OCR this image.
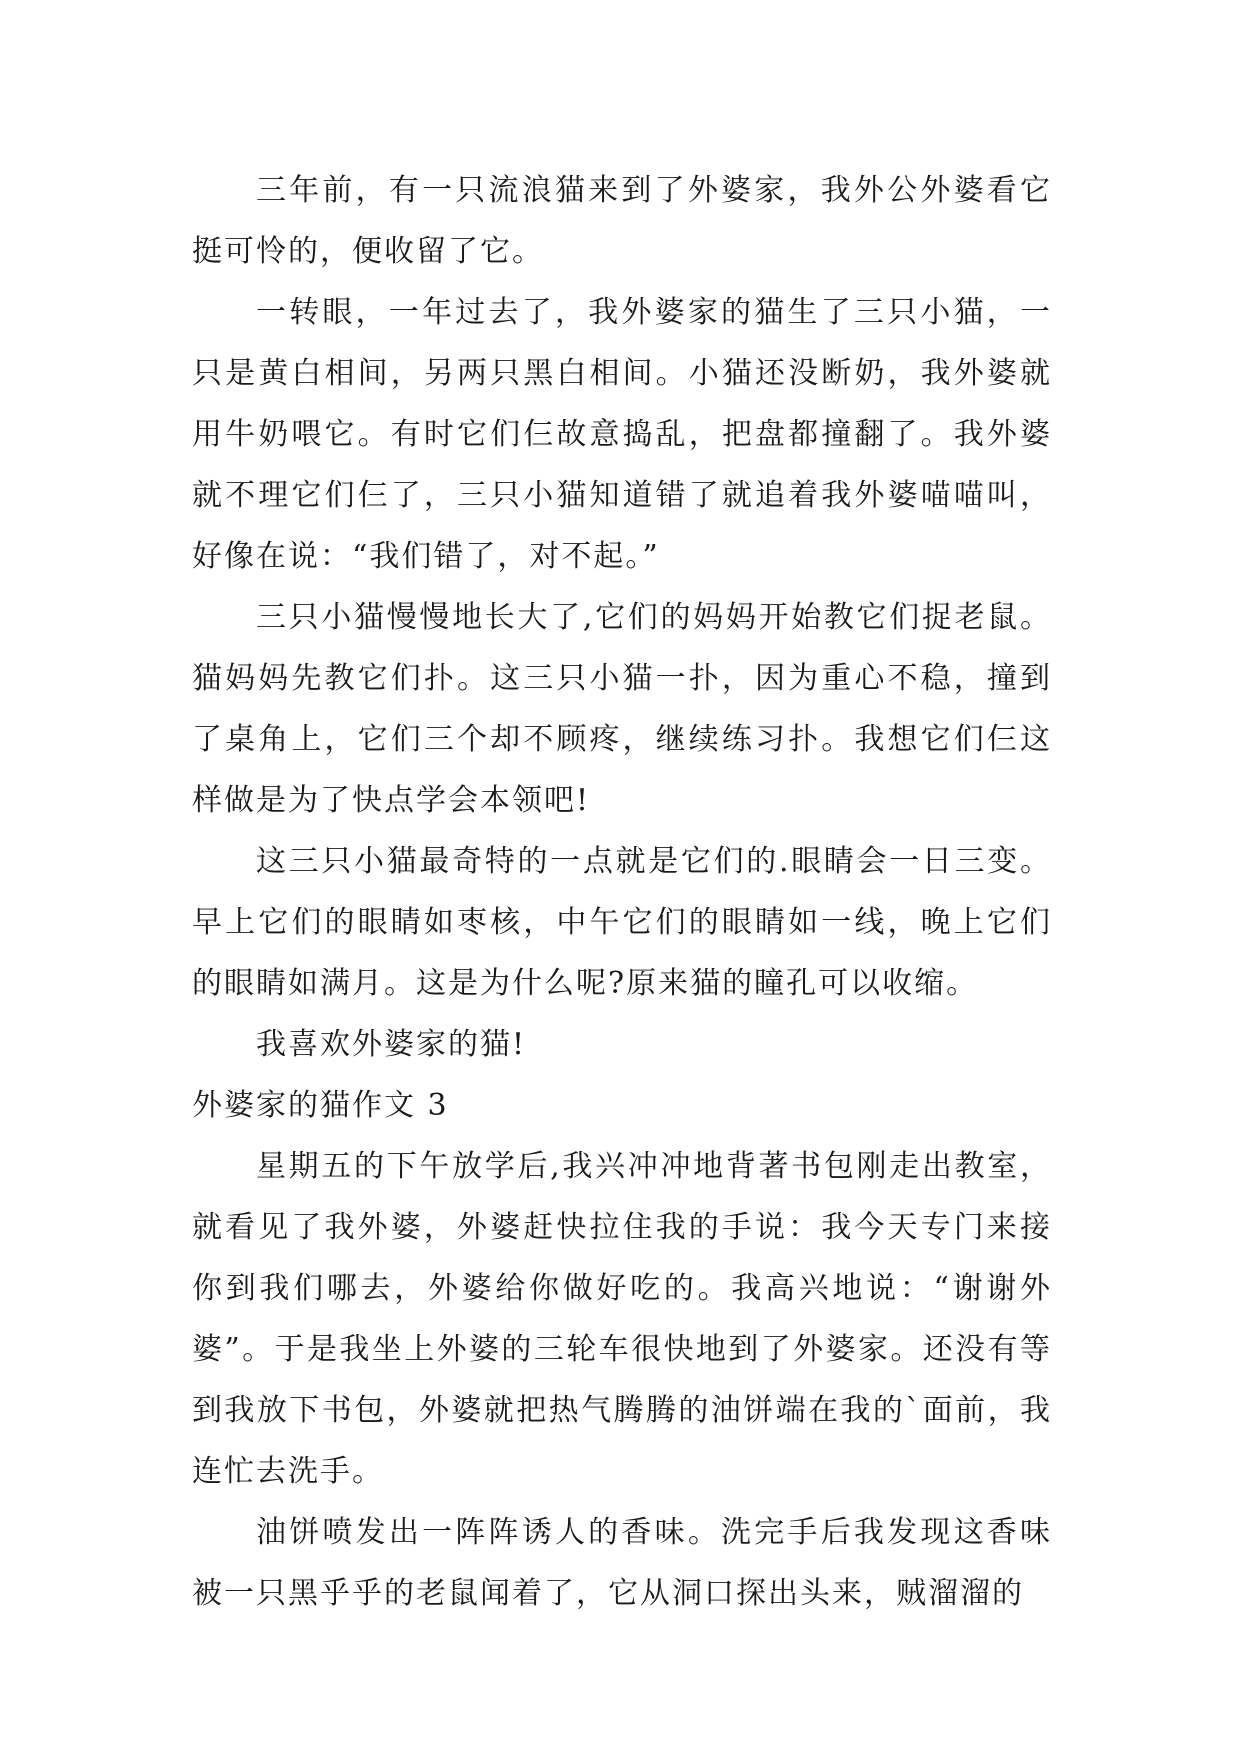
三年前，有一只流浪猫来到了外婆家，我外公外婆看它挺可怜的，便收留了它。

一转眼，一年过去了，我外婆家的猫生了三只小猫，一只是黄白相间，另两只黑白相间。小猫还没断奶，我外婆就用牛奶喂它。有时它们仨故意捣乱，把盘都撞翻了。我外婆就不理它们仨了，三只小猫知道错了就追着我外婆喵喵叫，好像在说：“我们错了，对不起。”

三只小猫慢慢地长大了,它们的妈妈开始教它们捉老鼠。猫妈妈先教它们扑。这三只小猫一扑，因为重心不稳，撞到了桌角上，它们三个却不顾疼，继续练习扑。我想它们仨这样做是为了快点学会本领吧!

这三只小猫最奇特的一点就是它们的.眼睛会一日三变。早上它们的眼睛如枣核，中午它们的眼睛如一线，晚上它们的眼睛如满月。这是为什么呢?原来猫的瞳孔可以收缩。

我喜欢外婆家的猫!

外婆家的猫作文 3

星期五的下午放学后,我兴冲冲地背著书包刚走出教室，就看见了我外婆，外婆赶快拉住我的手说：我今天专门来接你到我们哪去，外婆给你做好吃的。我高兴地说：“谢谢外婆”。于是我坐上外婆的三轮车很快地到了外婆家。还没有等到我放下书包，外婆就把热气腾腾的油饼端在我的`面前，我连忙去洗手。

油饼喷发出一阵阵诱人的香味。洗完手后我发现这香味被一只黑乎乎的老鼠闻着了，它从洞口探出头来，贼溜溜的
